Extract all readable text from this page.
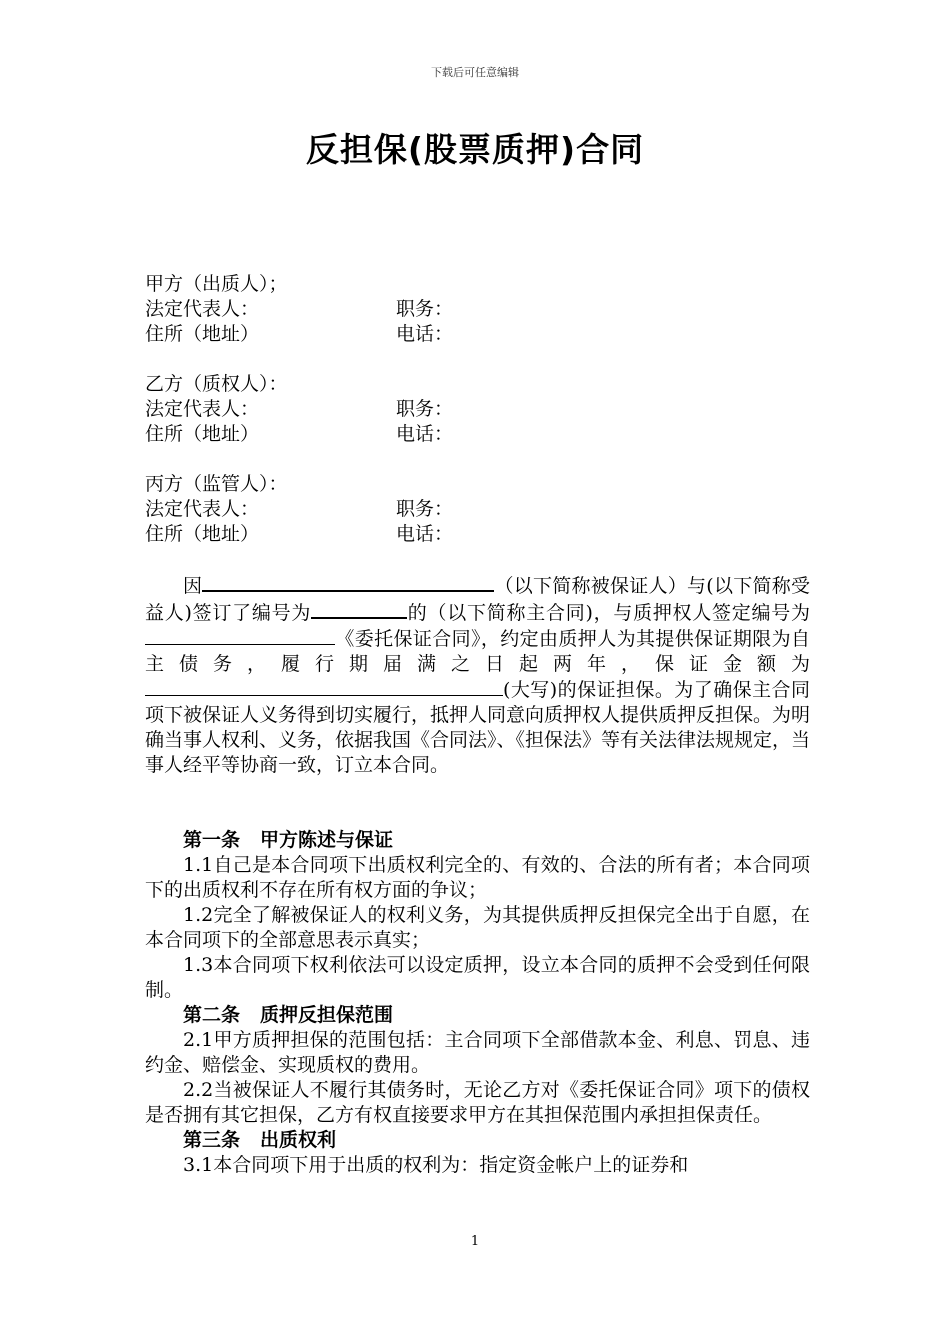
下载后可任意编辑
反担保(股票质押)合同
甲方（出质人）；
法定代表人：	职务：
住所（地址）	电话：
乙方（质权人）：
法定代表人：	职务：
住所（地址）	电话：
丙方（监管人）：
法定代表人：	职务：
住所（地址）	电话：

因	（以下简称被保证人）与(以下简称受益人)签订了编号为	的（以下简称主合同)，与质押权人签定编号为《委托保证合同》，约定由质押人为其提供保证期限为自主债务，履行期届满之日起两年，保证金额为(大写)的保证担保。为了确保主合同项下被保证人义务得到切实履行，抵押人同意向质押权人提供质押反担保。为明确当事人权利、义务，依据我国《合同法》、《担保法》等有关法律法规规定，当事人经平等协商一致，订立本合同。

第一条 甲方陈述与保证

1.1自己是本合同项下出质权利完全的、有效的、合法的所有者；本合同项下的出质权利不存在所有权方面的争议；

1.2完全了解被保证人的权利义务，为其提供质押反担保完全出于自愿，在本合同项下的全部意思表示真实；

1.3本合同项下权利依法可以设定质押，设立本合同的质押不会受到任何限制。

第二条 质押反担保范围

2.1甲方质押担保的范围包括：主合同项下全部借款本金、利息、罚息、违约金、赔偿金、实现质权的费用。

2.2当被保证人不履行其债务时，无论乙方对《委托保证合同》项下的债权是否拥有其它担保，乙方有权直接要求甲方在其担保范围内承担担保责任。

第三条 出质权利

3.1本合同项下用于出质的权利为：指定资金帐户上的证券和

1
